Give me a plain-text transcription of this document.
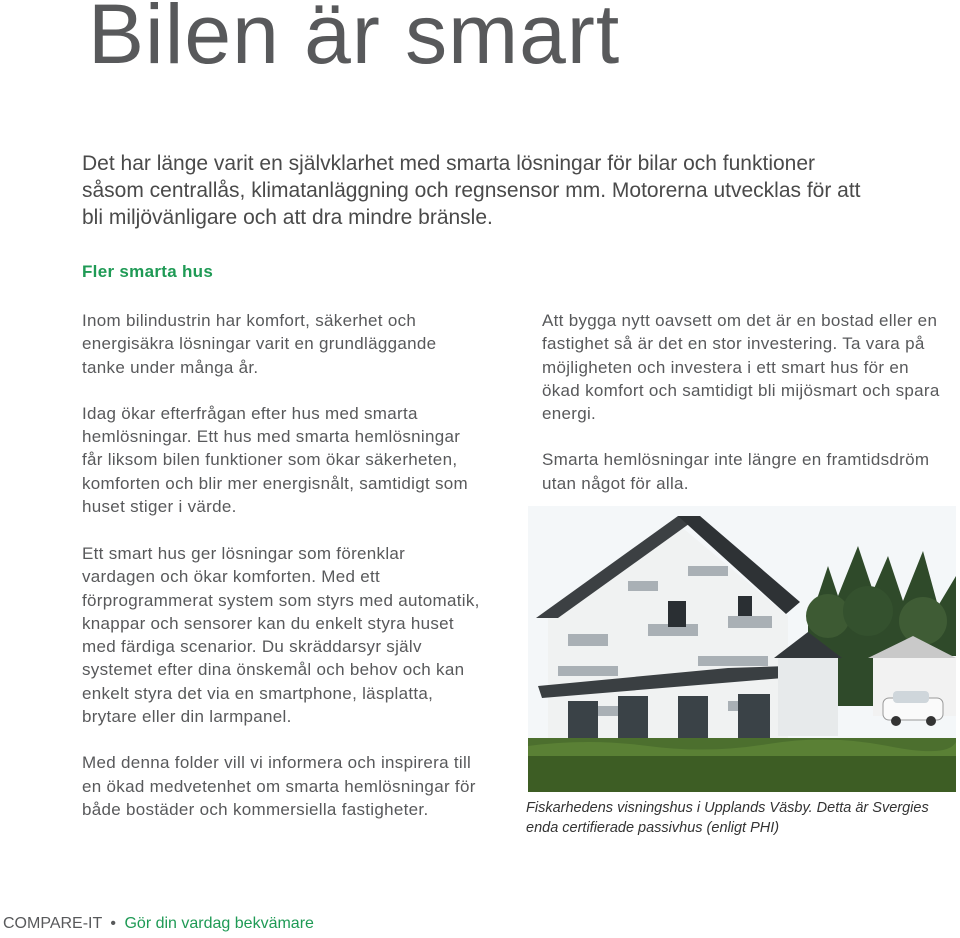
Bilen är smart

Det har länge varit en självklarhet med smarta lösningar för bilar och funktioner såsom centrallås, klimatanläggning och regnsensor mm. Motorerna utvecklas för att bli miljövänligare och att dra mindre bränsle.

Fler smarta hus

Inom bilindustrin har komfort, säkerhet och energisäkra lösningar varit en grundläggande tanke under många år.

Idag ökar efterfrågan efter hus med smarta hemlösningar. Ett hus med smarta hemlösningar får liksom bilen funktioner som ökar säkerheten, komforten och blir mer energisnålt, samtidigt som huset stiger i värde.

Ett smart hus ger lösningar som förenklar vardagen och ökar komforten. Med ett förprogrammerat system som styrs med automatik, knappar och sensorer kan du enkelt styra huset med färdiga scenarior. Du skräddarsyr själv systemet efter dina önskemål och behov och kan enkelt styra det via en smartphone, läsplatta, brytare eller din larmpanel.

Med denna folder vill vi informera och inspirera till en ökad medvetenhet om smarta hemlösningar för både bostäder och kommersiella fastigheter.

Att bygga nytt oavsett om det är en bostad eller en fastighet så är det en stor investering. Ta vara på möjligheten och investera i ett smart hus för en ökad komfort och samtidigt bli mijösmart och spara energi.

Smarta hemlösningar inte längre en framtidsdröm utan något för alla.

Fiskarhedens visningshus i Upplands Väsby. Detta är Svergies enda certifierade passivhus (enligt PHI)

COMPARE-IT • Gör din vardag bekvämare
